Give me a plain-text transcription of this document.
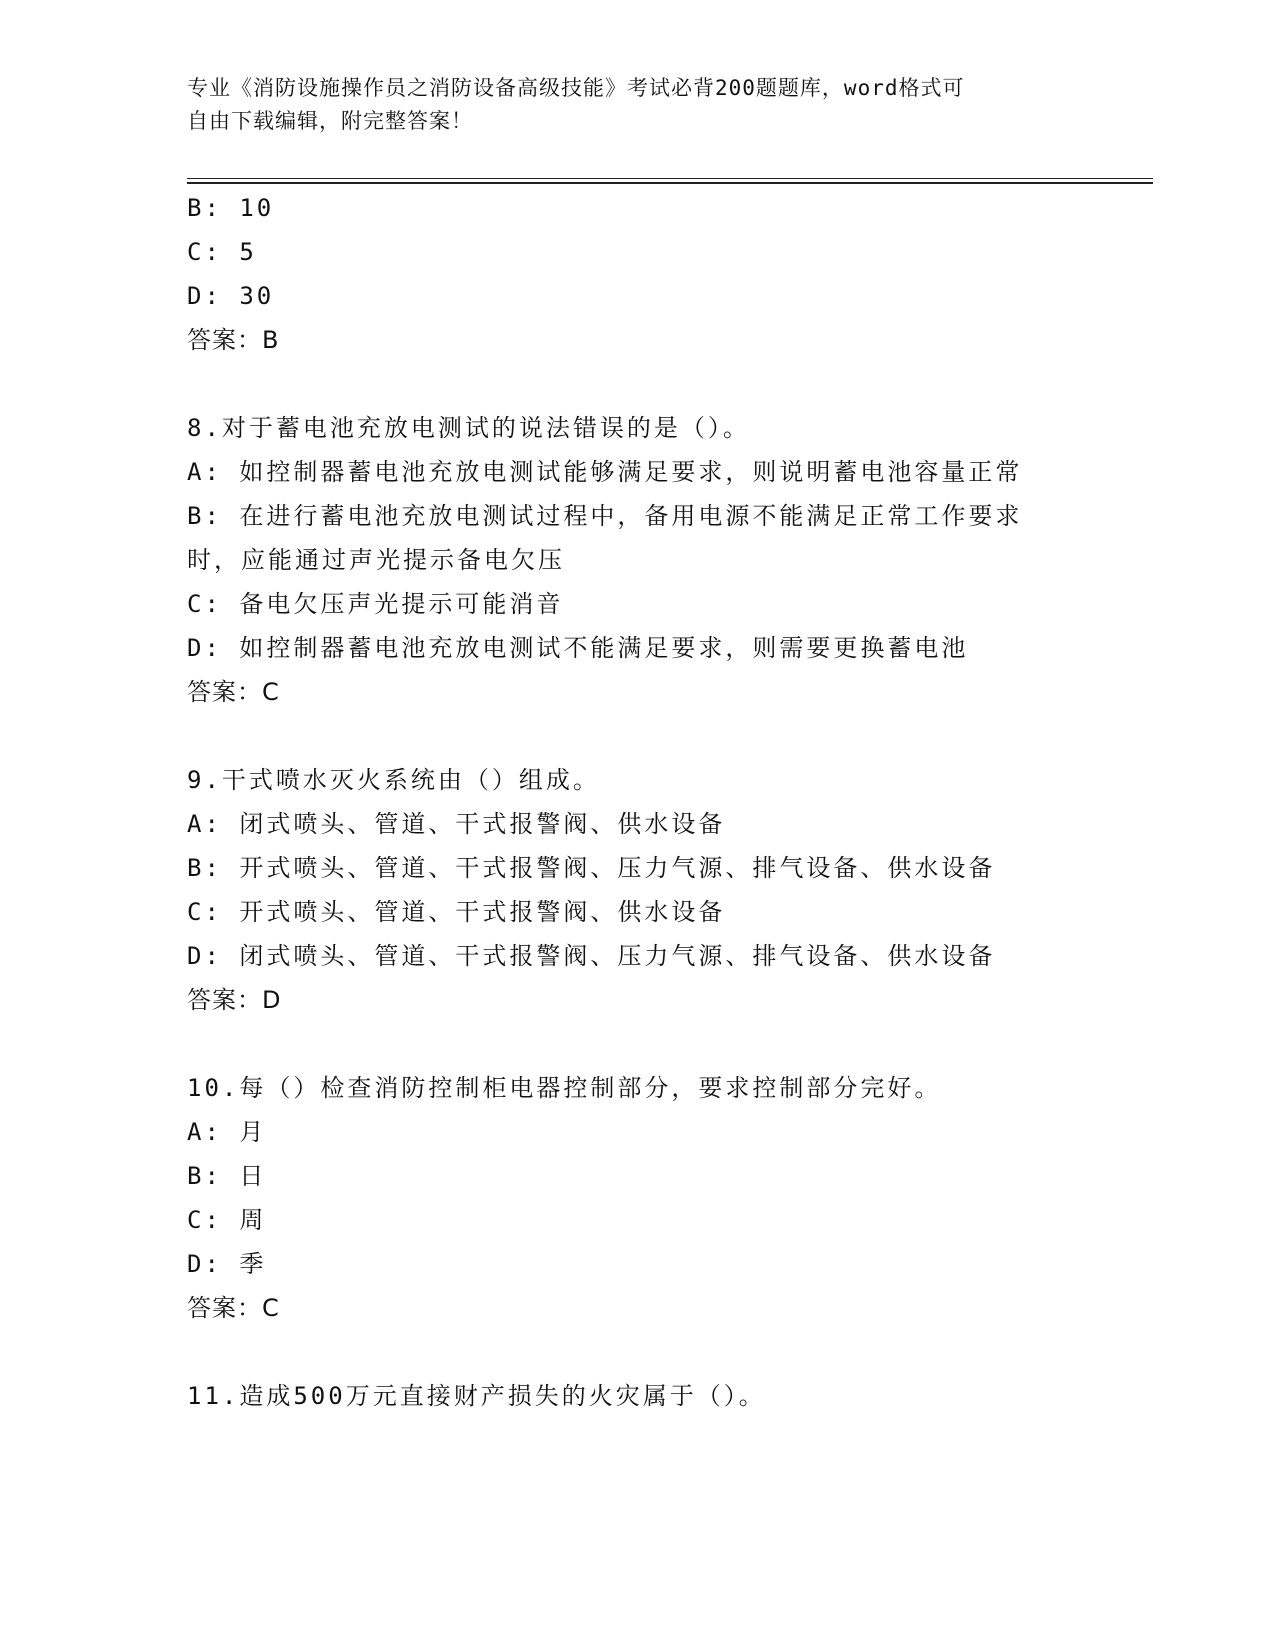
专业《消防设施操作员之消防设备高级技能》考试必背200题题库，word格式可
自由下载编辑，附完整答案！
B: 10
C: 5
D: 30
答案：B
8.对于蓄电池充放电测试的说法错误的是（）。
A: 如控制器蓄电池充放电测试能够满足要求，则说明蓄电池容量正常
B: 在进行蓄电池充放电测试过程中，备用电源不能满足正常工作要求
时，应能通过声光提示备电欠压
C: 备电欠压声光提示可能消音
D: 如控制器蓄电池充放电测试不能满足要求，则需要更换蓄电池
答案：C
9.干式喷水灭火系统由（）组成。
A: 闭式喷头、管道、干式报警阀、供水设备
B: 开式喷头、管道、干式报警阀、压力气源、排气设备、供水设备
C: 开式喷头、管道、干式报警阀、供水设备
D: 闭式喷头、管道、干式报警阀、压力气源、排气设备、供水设备
答案：D
10.每（）检查消防控制柜电器控制部分，要求控制部分完好。
A: 月
B: 日
C: 周
D: 季
答案：C
11.造成500万元直接财产损失的火灾属于（）。
